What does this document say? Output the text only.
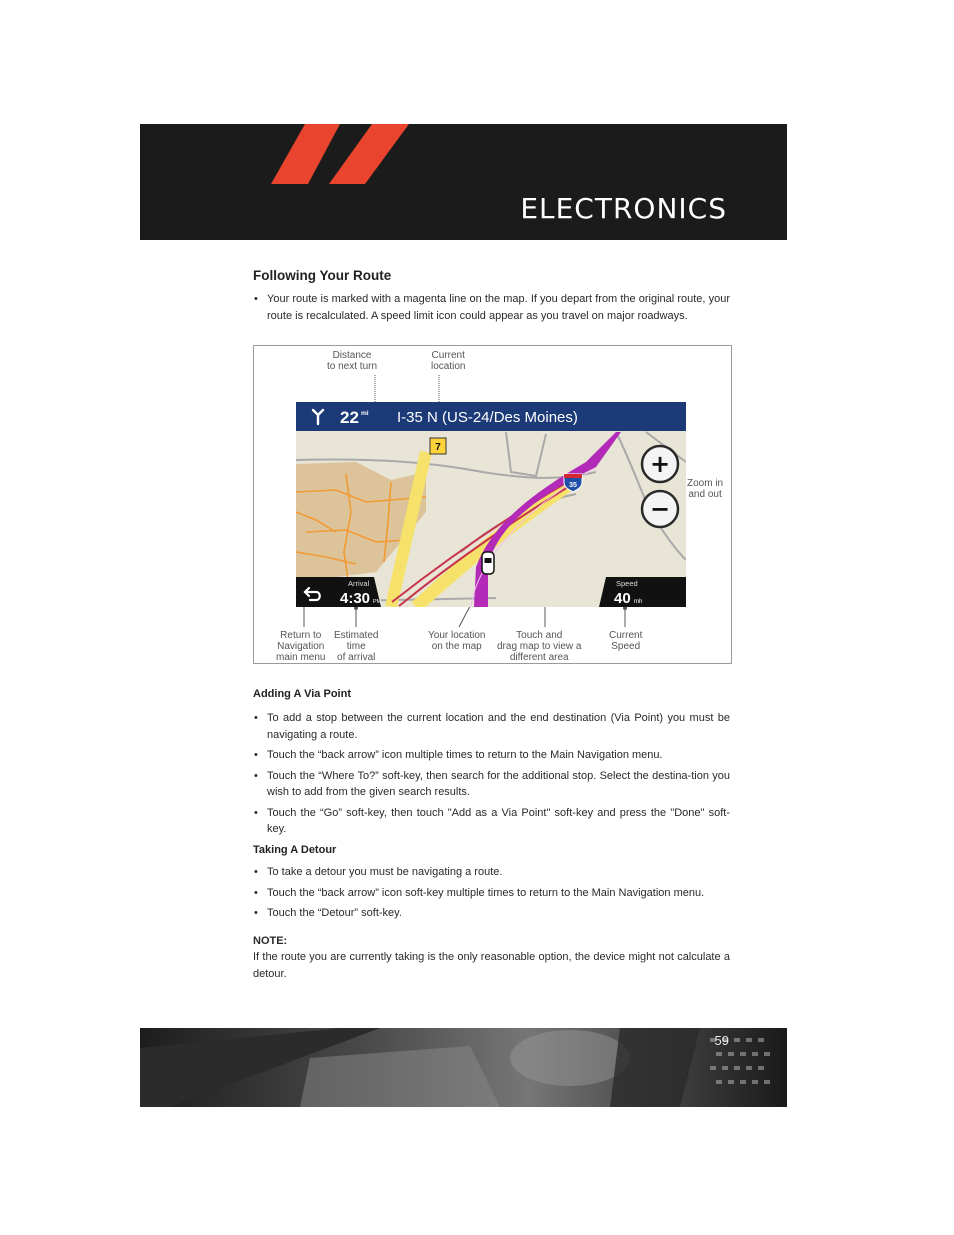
ELECTRONICS
Following Your Route
• Your route is marked with a magenta line on the map. If you depart from the original route, your route is recalculated. A speed limit icon could appear as you travel on major roadways.
Distance
to next turn
Current
location
Zoom in
and out
Return to
Navigation
main menu
Estimated
time
of arrival
Your location
on the map
Touch and
drag map to view a
different area
Current
Speed
7
35
22 mi I-35 N (US-24/Des Moines)
+
−
Arrival
4:30 PM
Speed
40 mh
Adding A Via Point
• To add a stop between the current location and the end destination (Via Point) you must be navigating a route.
• Touch the “back arrow” icon multiple times to return to the Main Navigation menu.
• Touch the “Where To?” soft-key, then search for the additional stop. Select the destina-tion you wish to add from the given search results.
• Touch the “Go” soft-key, then touch "Add as a Via Point" soft-key and press the "Done" soft-key.
Taking A Detour
• To take a detour you must be navigating a route.
• Touch the “back arrow” icon soft-key multiple times to return to the Main Navigation menu.
• Touch the “Detour” soft-key.
NOTE:

If the route you are currently taking is the only reasonable option, the device might not calculate a detour.

59
